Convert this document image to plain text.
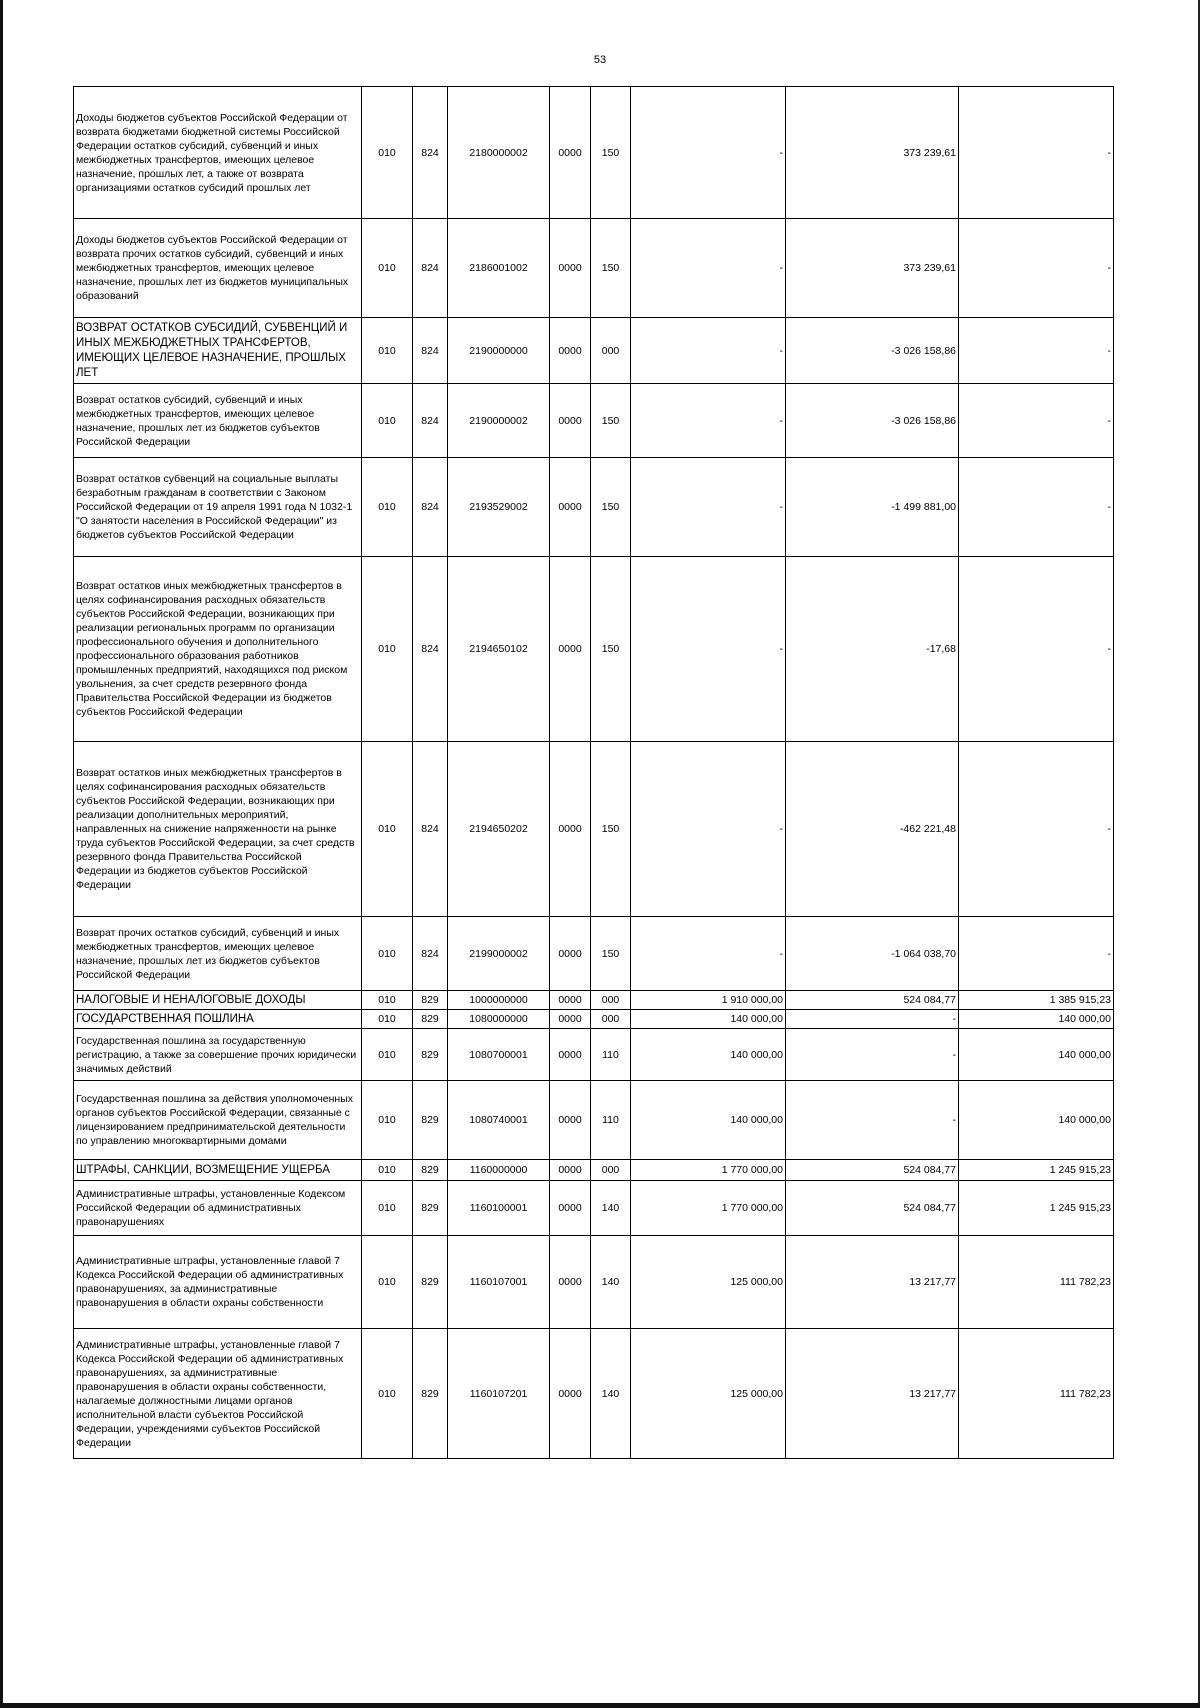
53
Доходы бюджетов субъектов Российской Федерации от возврата бюджетами бюджетной системы Российской Федерации остатков субсидий, субвенций и иных межбюджетных трансфертов, имеющих целевое назначение, прошлых лет, а также от возврата организациями остатков субсидий прошлых лет	010	824	2180000002	0000	150	-	373 239,61	-
Доходы бюджетов субъектов Российской Федерации от возврата прочих остатков субсидий, субвенций и иных межбюджетных трансфертов, имеющих целевое назначение, прошлых лет из бюджетов муниципальных образований	010	824	2186001002	0000	150	-	373 239,61	-
ВОЗВРАТ ОСТАТКОВ СУБСИДИЙ, СУБВЕНЦИЙ И ИНЫХ МЕЖБЮДЖЕТНЫХ ТРАНСФЕРТОВ, ИМЕЮЩИХ ЦЕЛЕВОЕ НАЗНАЧЕНИЕ, ПРОШЛЫХ ЛЕТ	010	824	2190000000	0000	000	-	-3 026 158,86	-
Возврат остатков субсидий, субвенций и иных межбюджетных трансфертов, имеющих целевое назначение, прошлых лет из бюджетов субъектов Российской Федерации	010	824	2190000002	0000	150	-	-3 026 158,86	-
Возврат остатков субвенций на социальные выплаты безработным гражданам в соответствии с Законом Российской Федерации от 19 апреля 1991 года N 1032-1 "О занятости населения в Российской Федерации" из бюджетов субъектов Российской Федерации	010	824	2193529002	0000	150	-	-1 499 881,00	-
Возврат остатков иных межбюджетных трансфертов в целях софинансирования расходных обязательств субъектов Российской Федерации, возникающих при реализации региональных программ по организации профессионального обучения и дополнительного профессионального образования работников промышленных предприятий, находящихся под риском увольнения, за счет средств резервного фонда Правительства Российской Федерации из бюджетов субъектов Российской Федерации	010	824	2194650102	0000	150	-	-17,68	-
Возврат остатков иных межбюджетных трансфертов в целях софинансирования расходных обязательств субъектов Российской Федерации, возникающих при реализации дополнительных мероприятий, направленных на снижение напряженности на рынке труда субъектов Российской Федерации, за счет средств резервного фонда Правительства Российской Федерации из бюджетов субъектов Российской Федерации	010	824	2194650202	0000	150	-	-462 221,48	-
Возврат прочих остатков субсидий, субвенций и иных межбюджетных трансфертов, имеющих целевое назначение, прошлых лет из бюджетов субъектов Российской Федерации	010	824	2199000002	0000	150	-	-1 064 038,70	-
НАЛОГОВЫЕ И НЕНАЛОГОВЫЕ ДОХОДЫ	010	829	1000000000	0000	000	1 910 000,00	524 084,77	1 385 915,23
ГОСУДАРСТВЕННАЯ ПОШЛИНА	010	829	1080000000	0000	000	140 000,00	-	140 000,00
Государственная пошлина за государственную регистрацию, а также за совершение прочих юридически значимых действий	010	829	1080700001	0000	110	140 000,00	-	140 000,00
Государственная пошлина за действия уполномоченных органов субъектов Российской Федерации, связанные с лицензированием предпринимательской деятельности по управлению многоквартирными домами	010	829	1080740001	0000	110	140 000,00	-	140 000,00
ШТРАФЫ, САНКЦИИ, ВОЗМЕЩЕНИЕ УЩЕРБА	010	829	1160000000	0000	000	1 770 000,00	524 084,77	1 245 915,23
Административные штрафы, установленные Кодексом Российской Федерации об административных правонарушениях	010	829	1160100001	0000	140	1 770 000,00	524 084,77	1 245 915,23
Административные штрафы, установленные главой 7 Кодекса Российской Федерации об административных правонарушениях, за административные правонарушения в области охраны собственности	010	829	1160107001	0000	140	125 000,00	13 217,77	111 782,23
Административные штрафы, установленные главой 7 Кодекса Российской Федерации об административных правонарушениях, за административные правонарушения в области охраны собственности, налагаемые должностными лицами органов исполнительной власти субъектов Российской Федерации, учреждениями субъектов Российской Федерации	010	829	1160107201	0000	140	125 000,00	13 217,77	111 782,23
